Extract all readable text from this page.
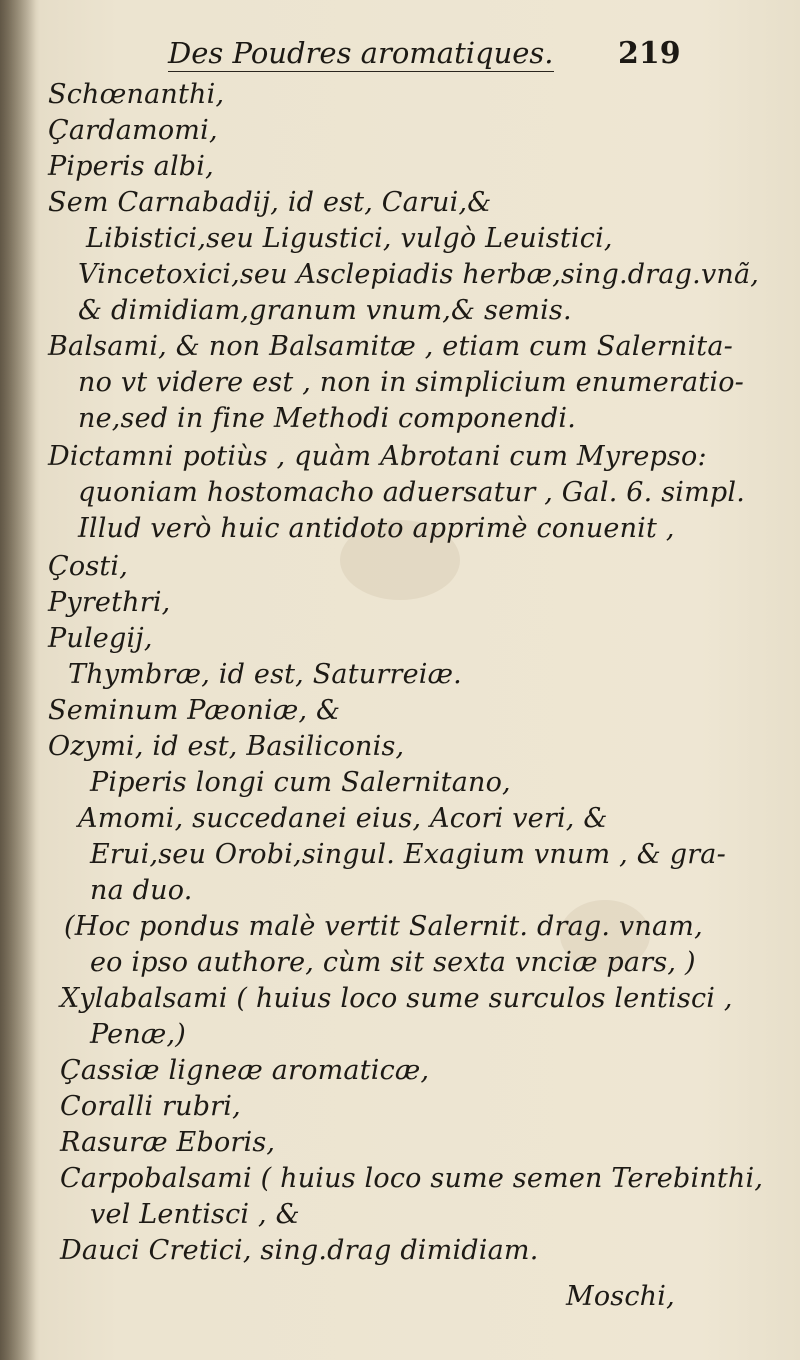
Des Poudres aromatiques. 219
Schœnanthi,
Çardamomi,
Piperis albi,
Sem Carnabadij, id est, Carui,&
Libistici,seu Ligustici, vulgò Leuistici,
Vincetoxici,seu Asclepiadis herbæ,sing.drag.vnã,
& dimidiam,granum vnum,& semis.
Balsami, & non Balsamitæ , etiam cum Salernita-
no vt videre est , non in simplicium enumeratio-
ne,sed in fine Methodi componendi.
Dictamni potiùs , quàm Abrotani cum Myrepso:
quoniam hostomacho aduersatur , Gal. 6. simpl.
Illud verò huic antidoto apprimè conuenit ,
Çosti,
Pyrethri,
Pulegij,
Thymbræ, id est, Saturreiæ.
Seminum Pæoniæ, &
Ozymi, id est, Basiliconis,
Piperis longi cum Salernitano,
Amomi, succedanei eius, Acori veri, &
Erui,seu Orobi,singul. Exagium vnum , & gra-
na duo.
(Hoc pondus malè vertit Salernit. drag. vnam,
eo ipso authore, cùm sit sexta vnciæ pars, )
Xylabalsami ( huius loco sume surculos lentisci ,
Penæ,)
Çassiæ ligneæ aromaticæ,
Coralli rubri,
Rasuræ Eboris,
Carpobalsami ( huius loco sume semen Terebinthi,
vel Lentisci , &
Dauci Cretici, sing.drag dimidiam.
Moschi,
